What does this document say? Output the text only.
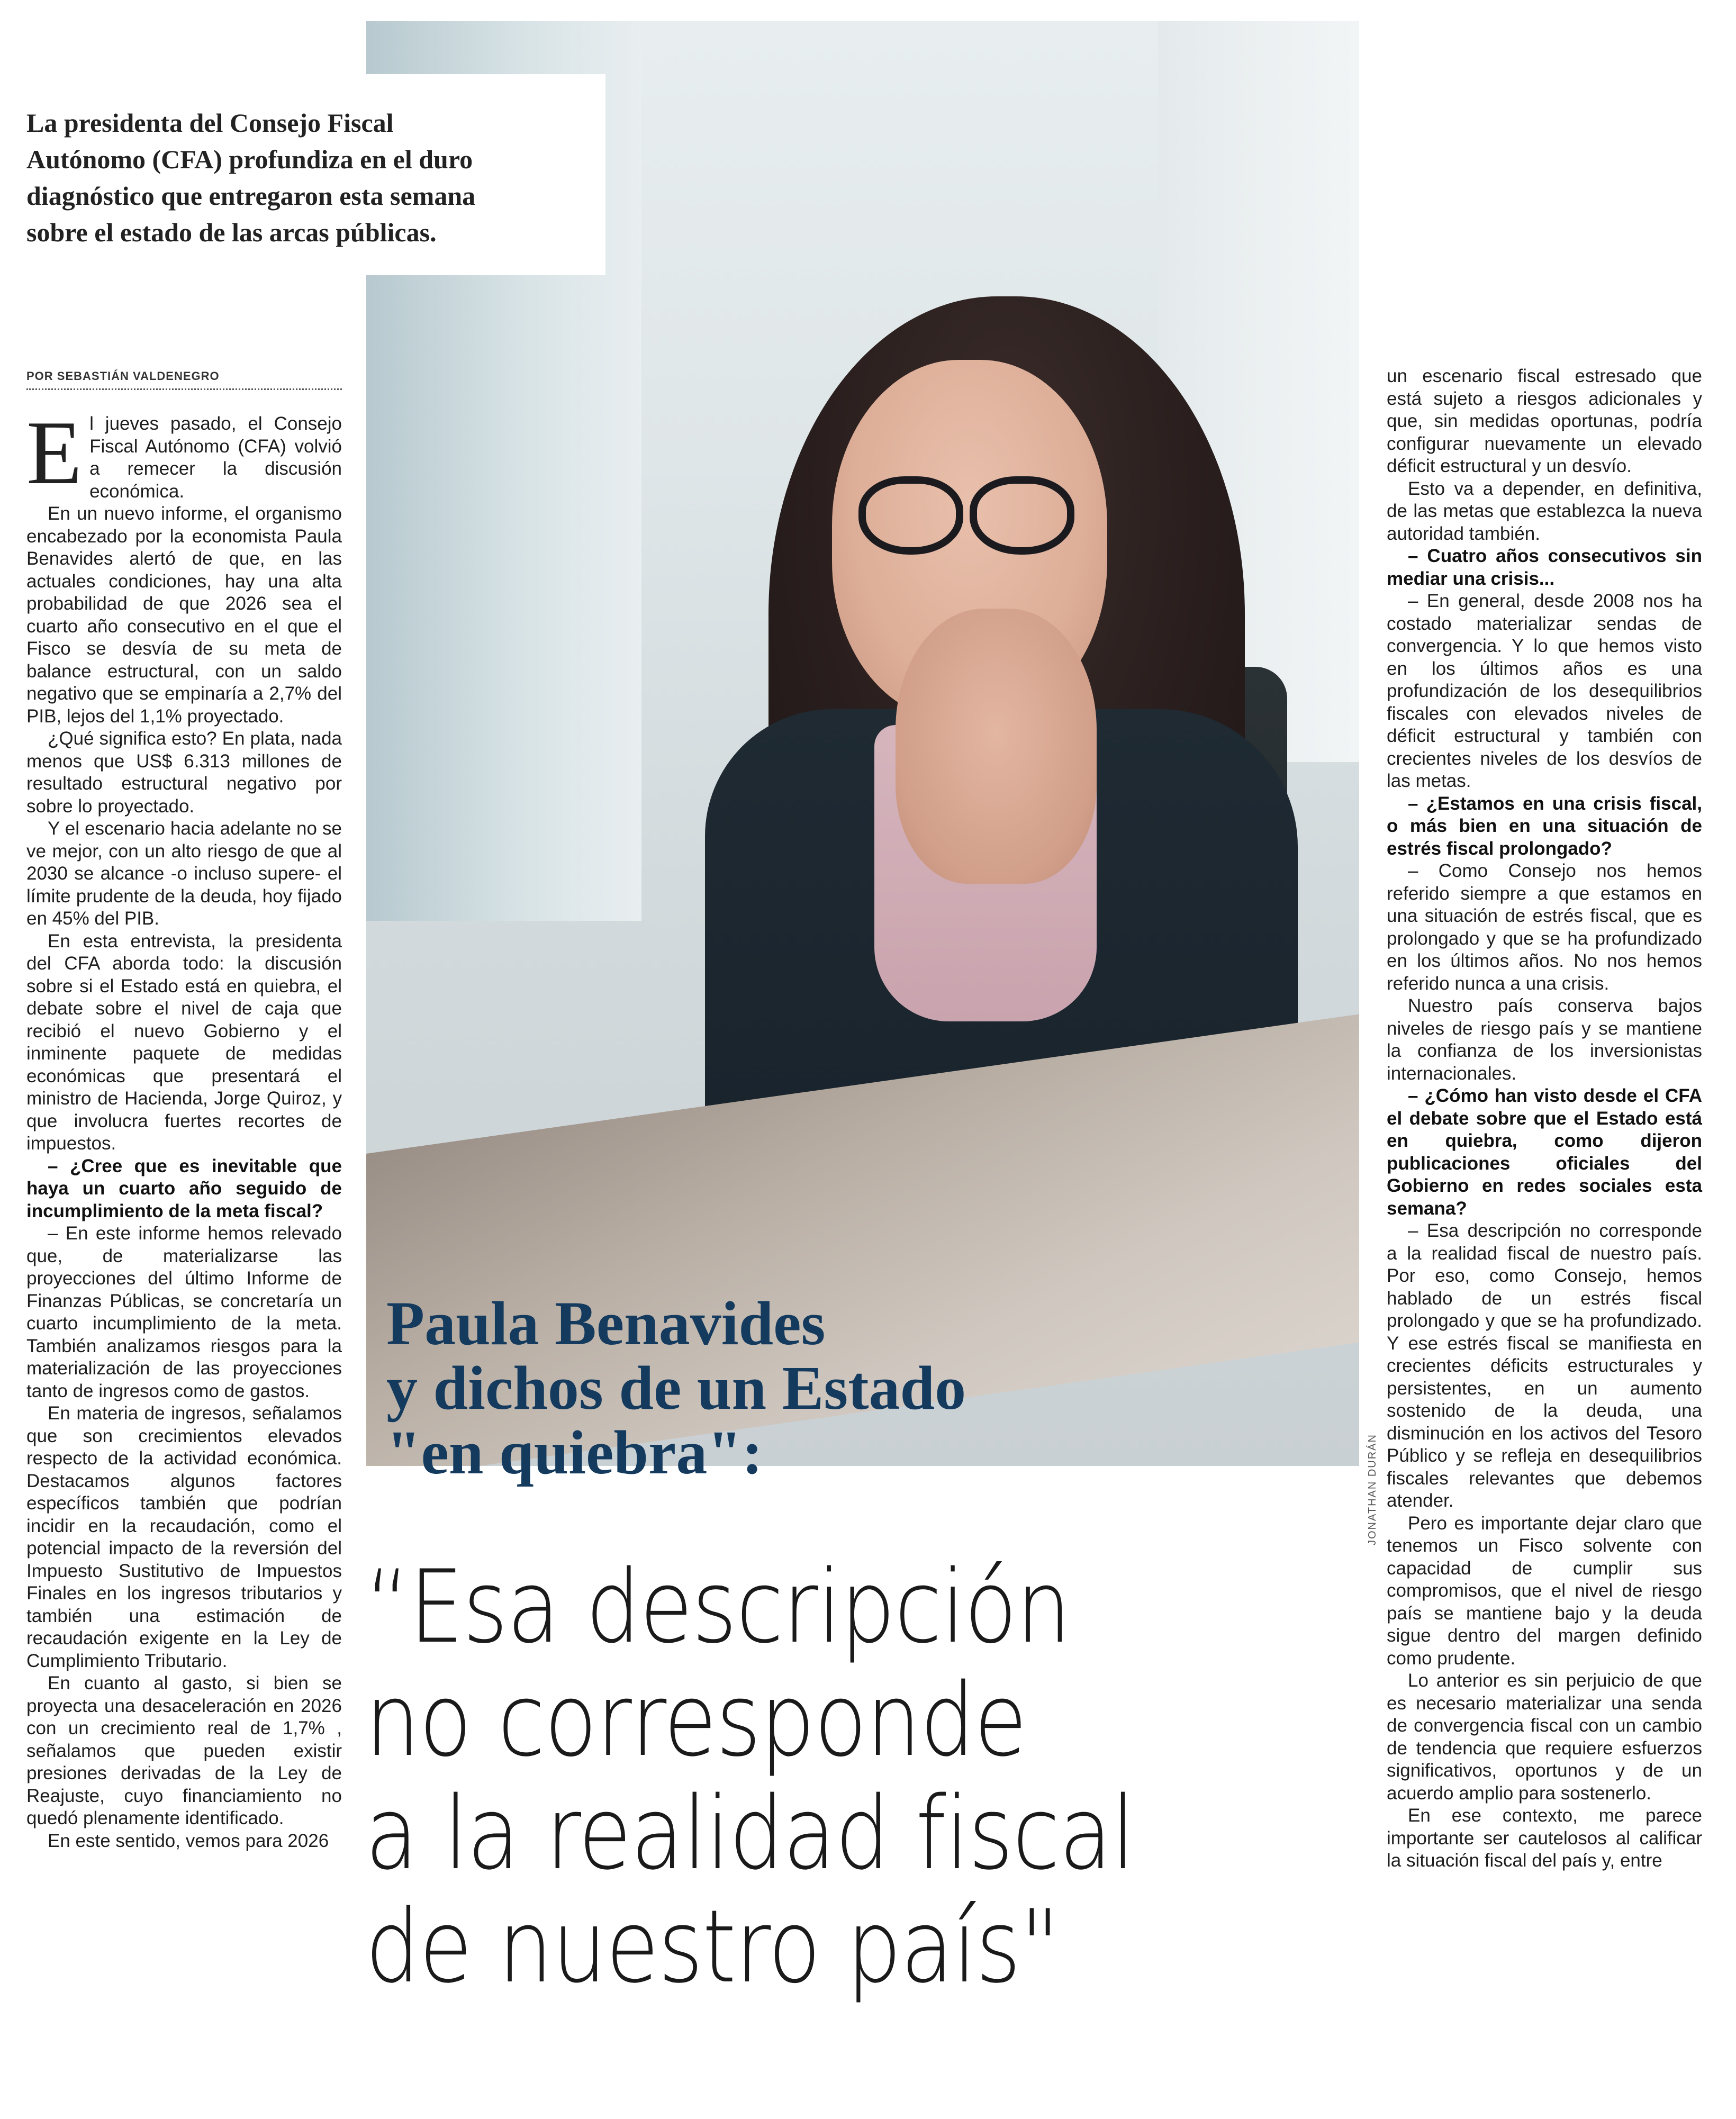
JONATHAN DURÁN
La presidenta del Consejo Fiscal
Autónomo (CFA) profundiza en el duro
diagnóstico que entregaron esta semana
sobre el estado de las arcas públicas.
POR SEBASTIÁN VALDENEGRO

El jueves pasado, el Consejo Fiscal Autónomo (CFA) volvió a remecer la discusión económica.

En un nuevo informe, el organismo encabezado por la economista Paula Benavides alertó de que, en las actuales condiciones, hay una alta probabilidad de que 2026 sea el cuarto año consecutivo en el que el Fisco se desvía de su meta de balance estructural, con un saldo negativo que se empinaría a 2,7% del PIB, lejos del 1,1% proyectado.

¿Qué significa esto? En plata, nada menos que US$ 6.313 millones de resultado estructural negativo por sobre lo proyectado.

Y el escenario hacia adelante no se ve mejor, con un alto riesgo de que al 2030 se alcance -o incluso supere- el límite prudente de la deuda, hoy fijado en 45% del PIB.

En esta entrevista, la presidenta del CFA aborda todo: la discusión sobre si el Estado está en quiebra, el debate sobre el nivel de caja que recibió el nuevo Gobierno y el inminente paquete de medidas económicas que presentará el ministro de Hacienda, Jorge Quiroz, y que involucra fuertes recortes de impuestos.

– ¿Cree que es inevitable que haya un cuarto año seguido de incumplimiento de la meta fiscal?

– En este informe hemos relevado que, de materializarse las proyecciones del último Informe de Finanzas Públicas, se concretaría un cuarto incumplimiento de la meta. También analizamos riesgos para la materialización de las proyecciones tanto de ingresos como de gastos.

En materia de ingresos, señalamos que son crecimientos elevados respecto de la actividad económica. Destacamos algunos factores específicos también que podrían incidir en la recaudación, como el potencial impacto de la reversión del Impuesto Sustitutivo de Impuestos Finales en los ingresos tributarios y también una estimación de recaudación exigente en la Ley de Cumplimiento Tributario.

En cuanto al gasto, si bien se proyecta una desaceleración en 2026 con un crecimiento real de 1,7% , señalamos que pueden existir presiones derivadas de la Ley de Reajuste, cuyo financiamiento no quedó plenamente identificado.

En este sentido, vemos para 2026

un escenario fiscal estresado que está sujeto a riesgos adicionales y que, sin medidas oportunas, podría configurar nuevamente un elevado déficit estructural y un desvío.

Esto va a depender, en definitiva, de las metas que establezca la nueva autoridad también.

– Cuatro años consecutivos sin mediar una crisis...

– En general, desde 2008 nos ha costado materializar sendas de convergencia. Y lo que hemos visto en los últimos años es una profundización de los desequilibrios fiscales con elevados niveles de déficit estructural y también con crecientes niveles de los desvíos de las metas.

– ¿Estamos en una crisis fiscal, o más bien en una situación de estrés fiscal prolongado?

– Como Consejo nos hemos referido siempre a que estamos en una situación de estrés fiscal, que es prolongado y que se ha profundizado en los últimos años. No nos hemos referido nunca a una crisis.

Nuestro país conserva bajos niveles de riesgo país y se mantiene la confianza de los inversionistas internacionales.

– ¿Cómo han visto desde el CFA el debate sobre que el Estado está en quiebra, como dijeron publicaciones oficiales del Gobierno en redes sociales esta semana?

– Esa descripción no corresponde a la realidad fiscal de nuestro país. Por eso, como Consejo, hemos hablado de un estrés fiscal prolongado y que se ha profundizado. Y ese estrés fiscal se manifiesta en crecientes déficits estructurales y persistentes, en un aumento sostenido de la deuda, una disminución en los activos del Tesoro Público y se refleja en desequilibrios fiscales relevantes que debemos atender.

Pero es importante dejar claro que tenemos un Fisco solvente con capacidad de cumplir sus compromisos, que el nivel de riesgo país se mantiene bajo y la deuda sigue dentro del margen definido como prudente.

Lo anterior es sin perjuicio de que es necesario materializar una senda de convergencia fiscal con un cambio de tendencia que requiere esfuerzos significativos, oportunos y de un acuerdo amplio para sostenerlo.

En ese contexto, me parece importante ser cautelosos al calificar la situación fiscal del país y, entre

Paula Benavides
y dichos de un Estado
"en quiebra":
“Esa descripción
no corresponde
a la realidad fiscal
de nuestro país"
